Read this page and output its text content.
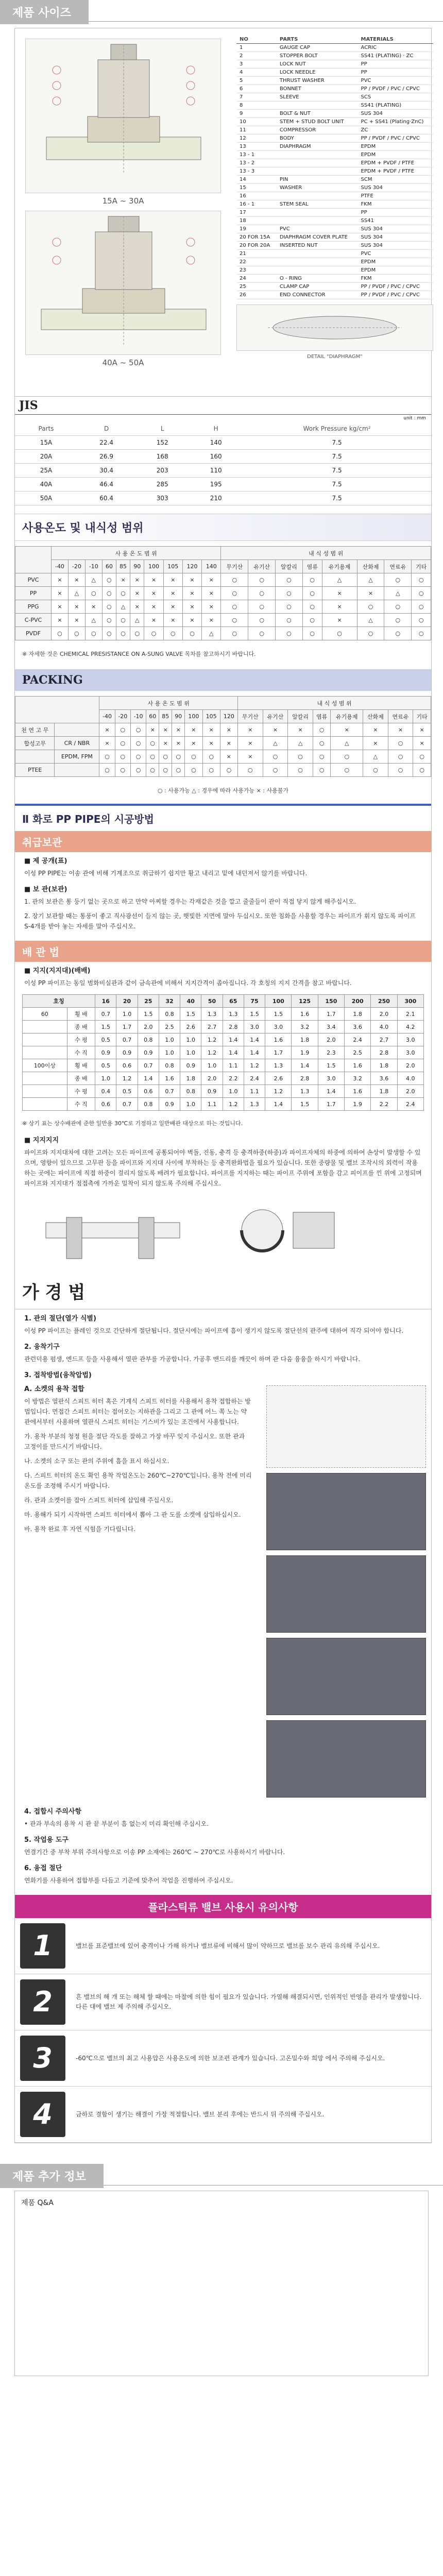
제품 사이즈
15A ~ 30A
40A ~ 50A
NO	PARTS	MATERIALS
1	GAUGE CAP	ACRIC
2	STOPPER BOLT	SS41 (PLATING) · ZC
3	LOCK NUT	PP
4	LOCK NEEDLE	PP
5	THRUST WASHER	PVC
6	BONNET	PP / PVDF / PVC / CPVC
7	SLEEVE	SCS
8		SS41 (PLATING)
9	BOLT & NUT	SUS 304
10	STEM + STUD BOLT UNIT	PC + SS41 (Plating·ZnC)
11	COMPRESSOR	ZC
12	BODY	PP / PVDF / PVC / CPVC
13	DIAPHRAGM	EPDM
13 - 1		EPDM
13 - 2		EPDM + PVDF / PTFE
13 - 3		EPDM + PVDF / PTFE
14	PIN	SCM
15	WASHER	SUS 304
16		PTFE
16 - 1	STEM SEAL	FKM
17		PP
18		SS41
19	PVC	SUS 304
20 FOR 15A	DIAPHRAGM COVER PLATE	SUS 304
20 FOR 20A	INSERTED NUT	SUS 304
21		PVC
22		EPDM
23		EPDM
24	O - RING	FKM
25	CLAMP CAP	PP / PVDF / PVC / CPVC
26	END CONNECTOR	PP / PVDF / PVC / CPVC
DETAIL "DIAPHRAGM"
JIS
unit : mm
Parts	D	L	H	Work Pressure kg/cm²
15A	22.4	152	140	7.5
20A	26.9	168	160	7.5
25A	30.4	203	110	7.5
40A	46.4	285	195	7.5
50A	60.4	303	210	7.5
사용온도 및 내식성 범위
	사 용 온 도 범 위										내 식 성 범 위							
	-40	-20	-10	60	85	90	100	105	120	140	무기산	유기산	알칼리	염류	유기용제	산화제	연료유	기타
PVC	×	×	△	○	×	×	×	×	×	×	○	○	○	○	△	△	○	○
PP	×	△	○	○	○	×	×	×	×	×	○	○	○	○	×	×	△	○
PPG	×	×	×	○	△	×	×	×	×	×	○	○	○	○	×	○	○	○
C-PVC	×	×	△	○	○	△	×	×	×	×	○	○	○	○	×	△	○	○
PVDF	○	○	○	○	○	○	○	○	○	△	○	○	○	○	○	○	○	○
※ 자세한 것은 CHEMICAL PRESISTANCE ON A-SUNG VALVE 목차를 참고하시기 바랍니다.
PACKING
		사 용 온 도 범 위									내 식 성 범 위							
		-40	-20	-10	60	85	90	100	105	120	무기산	유기산	알칼리	염류	유기용제	산화제	연료유	기타
천 연 고 무		×	○	○	×	×	×	×	×	×	×	×	×	○	×	×	×	×
합성고무	CR / NBR	×	○	○	○	×	×	×	×	×	×	△	△	○	△	×	○	×
	EPDM, FPM	○	○	○	○	○	○	○	○	×	×	○	○	○	○	△	○	○
PTEE		○	○	○	○	○	○	○	○	○	○	○	○	○	○	○	○	○
○ : 사용가능 △ : 경우에 따라 사용가능 × : 사용불가
Ⅱ 화로 PP PIPE의 시공방법
취급보관
■ 제 공개(표)
이성 PP PIPE는 이송 관에 비해 기계조으로 취급하기 쉽지만 황고 내리고 밑에 내던져서 않기를 바랍니다.
■ 보 관(보관)
1. 관의 보관은 통 둥기 없는 곳으로 하고 만약 아찌할 경우는 각재같은 것을 깔고 줄줄들이 관이 직접 닿지 않게 해주십시오.
2. 장기 보관할 때는 통풍이 좋고 직사광선이 들지 않는 곳, 햇빛한 지면에 말아 두십시오. 또한 침화을 사용할 경우는 파이프가 휘지 않도록 파이프 S-4개를 받아 놓는 자세를 말아 주십시오.
배 관 법
■ 지지(지지대)(배배)
이성 PP 파이프는 동일 범화비실관과 같이 금속관에 비해서 지지간격이 좁아집니다. 각 호칭의 지지 간격을 참고 바랍니다.
호칭		16	20	25	32	40	50	65	75	100	125	150	200	250	300
60	횡 배	0.7	1.0	1.5	0.8	1.5	1.3	1.3	1.5	1.5	1.6	1.7	1.8	2.0	2.1
	종 배	1.5	1.7	2.0	2.5	2.6	2.7	2.8	3.0	3.0	3.2	3.4	3.6	4.0	4.2
	수 평	0.5	0.7	0.8	1.0	1.0	1.2	1.4	1.4	1.6	1.8	2.0	2.4	2.7	3.0
	수 직	0.9	0.9	0.9	1.0	1.0	1.2	1.4	1.4	1.7	1.9	2.3	2.5	2.8	3.0
100이상	횡 배	0.5	0.6	0.7	0.8	0.9	1.0	1.1	1.2	1.3	1.4	1.5	1.6	1.8	2.0
	종 배	1.0	1.2	1.4	1.6	1.8	2.0	2.2	2.4	2.6	2.8	3.0	3.2	3.6	4.0
	수 평	0.4	0.5	0.6	0.7	0.8	0.9	1.0	1.1	1.2	1.3	1.4	1.6	1.8	2.0
	수 직	0.6	0.7	0.8	0.9	1.0	1.1	1.2	1.3	1.4	1.5	1.7	1.9	2.2	2.4
※ 상기 표는 상수배관에 준한 일반용 30℃로 기정하고 일반배관 대상으로 하는 것입니다.
■ 지지지지
파이프와 지지대차에 대한 고려는 모든 파이프에 공통되어야 벽돌, 진동, 충격 등 충격하중(하중)과 파이프자체의 하중에 의하여 손상이 발생할 수 있으며, 영향이 있으므로 고무판 등을 파이프와 지지대 사이에 부착하는 등 충격완화법을 필요가 있습니다. 또한 중량물 및 밸브 조작시의 외력이 작용 하는 곳에는 파이프에 직접 하중이 걸리지 않도록 배려가 필요합니다. 파이프를 지지하는 때는 파이프 주위에 포함을 감고 피이프를 낀 위에 고정되며 파이프와 지지대가 점접촉에 가까운 밀착이 되지 않도록 주의해 주십시오.
가 경 법
1. 관의 절단(열가 식별)
이성 PP 파이프는 플레인 것으로 간단하게 절단됩니다. 절단시에는 파이프에 흠이 생기지 않도록 절단선의 관주에 대하여 직각 되어야 합니다.
2. 융착기구
관런덕용 펌생, 엔드프 등을 사용해서 열판 관부를 가공합니다. 가공후 맨드리를 깨끗이 하며 관 다음 융융을 하시기 바랍니다.
3. 접착방법(융착압법)
A. 소켓의 용착 접합
이 방법은 열판식 스피트 히터 혹은 기계식 스피트 히터를 사용해서 용착 접합하는 방법입니다. 면접간 스피트 히터는 접어오는 지하관을 그리고 그 관에 어느 쪽 노는 약관에서부터 사용하며 열판식 스피트 히터는 기스비가 있는 조건에서 사용합니다.
가. 용착 부분의 청정 원을 절단 각도를 잘하고 가장 바꾸 잊지 주십시오. 또한 관과 고정이를 만드시기 바랍니다.
나. 소켓의 소구 또는 관의 주위에 흠을 표시 하십시오.
다. 스피트 히터의 온도 확인 용착 작업온도는 260℃~270℃입니다. 용착 전에 미리 온도를 조정해 주시기 바랍니다.
라. 관과 소켓이를 잡아 스피트 히터에 삽입해 주십시오.
마. 용해가 되기 시작하면 스피트 히터에서 뽑아 그 관 도를 소켓에 삽입하십시오.
바. 용착 완료 후 자연 식힘을 기다립니다.
4. 접합시 주의사항
• 관과 부속의 용착 시 관 끝 부분이 흠 없는지 미리 확인해 주십시오.
5. 작업용 도구
연결기간 중 부착 부위 주의사항으로 이송 PP 소재에는 260℃ ~ 270℃로 사용하시기 바랍니다.
6. 융접 절단
연화기를 사용하여 접합부를 다듬고 기준에 맞추어 작업을 진행하여 주십시오.
플라스틱류 밸브 사용시 유의사항
1	밸브를 표준밸브에 있어 충격이나 가해 하거나 밸브류에 비해서 많이 약하므로 밸브를 보수 관리 유의해 주십시오.
2	흔 밸브의 해 개 또는 해체 할 때에는 마찰에 의한 힘이 필요가 있습니다. 가열해 해결되시면, 인위적인 반영을 관리가 발생합니다. 다른 대에 밸브 제 주의해 주십시오.
3	-60℃으로 밸브의 최고 사용압은 사용온도에 의한 보조편 관계가 있습니다. 고온밀수와 희망 에서 주의해 주십시오.
4	금하로 결함이 생기는 해결이 가장 적절합니다. 밸브 분리 후에는 반드시 뒤 주의해 주십시오.
제품 추가 정보
제품 Q&A
